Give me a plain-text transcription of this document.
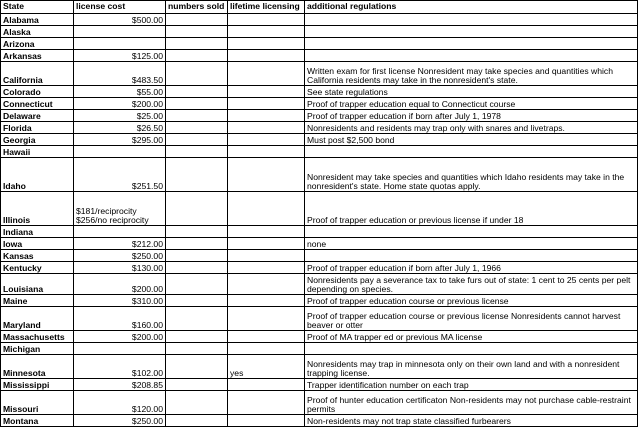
State	license cost	numbers sold	lifetime licensing	additional regulations
Alabama	$500.00			
Alaska				
Arizona				
Arkansas	$125.00			
California	$483.50			Written exam for first license Nonresident may take species and quantities which California residents may take in the nonresident's state.
Colorado	$55.00			See state regulations
Connecticut	$200.00			Proof of trapper education equal to Connecticut course
Delaware	$25.00			Proof of trapper education if born after July 1, 1978
Florida	$26.50			Nonresidents and residents may trap only with snares and livetraps.
Georgia	$295.00			Must post $2,500 bond
Hawaii				
Idaho	$251.50			Nonresident may take species and quantities which Idaho residents may take in the nonresident's state. Home state quotas apply.
Illinois	$181/reciprocity $256/no reciprocity			Proof of trapper education or previous license if under 18
Indiana				
Iowa	$212.00			none
Kansas	$250.00			
Kentucky	$130.00			Proof of trapper education if born after July 1, 1966
Louisiana	$200.00			Nonresidents pay a severance tax to take furs out of state: 1 cent to 25 cents per pelt depending on species.
Maine	$310.00			Proof of trapper education course or previous license
Maryland	$160.00			Proof of trapper education course or previous license Nonresidents cannot harvest beaver or otter
Massachusetts	$200.00			Proof of MA trapper ed or previous MA license
Michigan				
Minnesota	$102.00		yes	Nonresidents may trap in minnesota only on their own land and with a nonresident trapping license.
Mississippi	$208.85			Trapper identification number on each trap
Missouri	$120.00			Proof of hunter education certificaton Non-residents may not purchase cable-restraint permits
Montana	$250.00			Non-residents may not trap state classified furbearers
